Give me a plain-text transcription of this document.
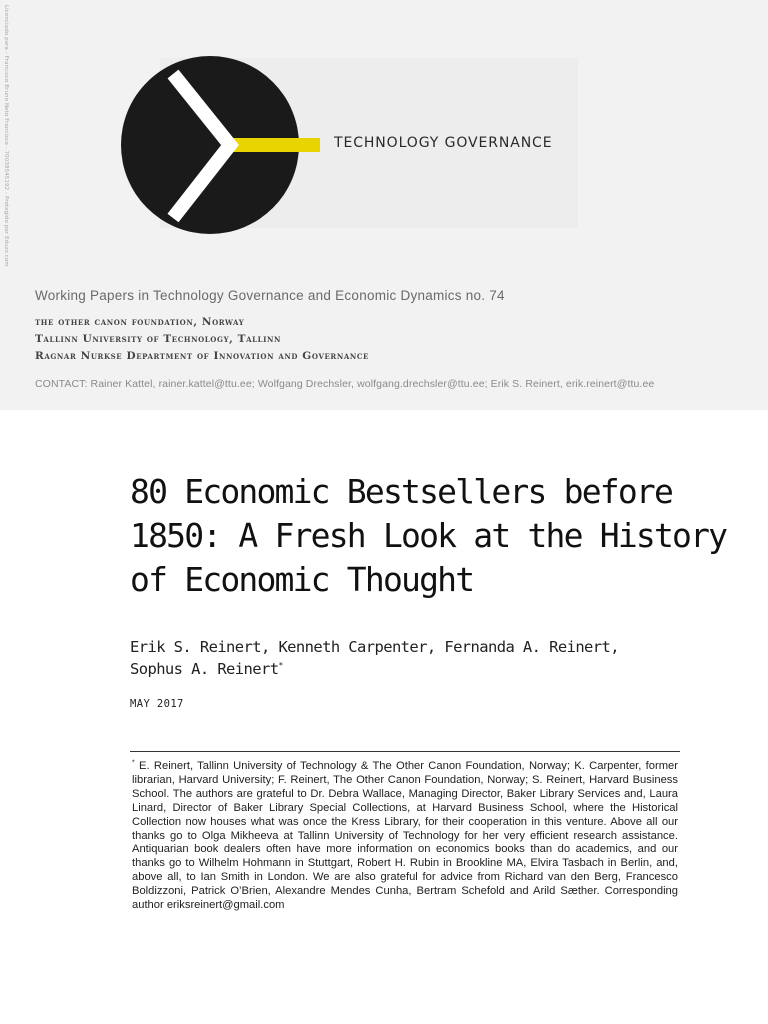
Licenciado para - Francisco Bruno Neto Francisco - 70038545192 - Protegido por Eduzz.com	TECHNOLOGY GOVERNANCE
Working Papers in Technology Governance and Economic Dynamics no. 74
the other canon foundation, Norway
Tallinn University of Technology, Tallinn
Ragnar Nurkse Department of Innovation and Governance
CONTACT: Rainer Kattel, rainer.kattel@ttu.ee; Wolfgang Drechsler, wolfgang.drechsler@ttu.ee; Erik S. Reinert, erik.reinert@ttu.ee
80 Economic Bestsellers before 1850: A Fresh Look at the History of Economic Thought
Erik S. Reinert, Kenneth Carpenter, Fernanda A. Reinert,
Sophus A. Reinert*
MAY 2017

* E. Reinert, Tallinn University of Technology & The Other Canon Foundation, Norway; K. Carpenter, former librarian, Harvard University; F. Reinert, The Other Canon Foundation, Norway; S. Reinert, Harvard Business School. The authors are grateful to Dr. Debra Wallace, Managing Director, Baker Library Services and, Laura Linard, Director of Baker Library Special Collections, at Harvard Business School, where the Historical Collection now houses what was once the Kress Library, for their cooperation in this venture. Above all our thanks go to Olga Mikheeva at Tallinn University of Technology for her very efficient research assistance. Antiquarian book dealers often have more information on economics books than do academics, and our thanks go to Wilhelm Hohmann in Stuttgart, Robert H. Rubin in Brookline MA, Elvira Tasbach in Berlin, and, above all, to Ian Smith in London. We are also grateful for advice from Richard van den Berg, Francesco Boldizzoni, Patrick O’Brien, Alexandre Mendes Cunha, Bertram Schefold and Arild Sæther. Corresponding author eriksreinert@gmail.com
